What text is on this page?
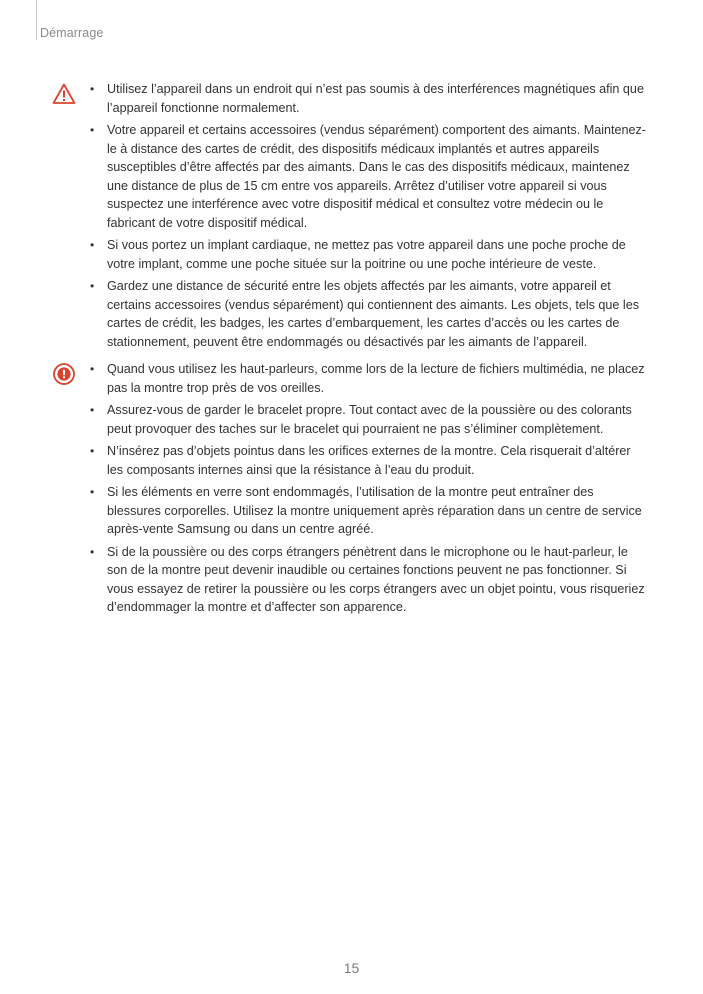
Démarrage
• Utilisez l’appareil dans un endroit qui n’est pas soumis à des interférences magnétiques afin que l’appareil fonctionne normalement.
• Votre appareil et certains accessoires (vendus séparément) comportent des aimants. Maintenez-le à distance des cartes de crédit, des dispositifs médicaux implantés et autres appareils susceptibles d’être affectés par des aimants. Dans le cas des dispositifs médicaux, maintenez une distance de plus de 15 cm entre vos appareils. Arrêtez d’utiliser votre appareil si vous suspectez une interférence avec votre dispositif médical et consultez votre médecin ou le fabricant de votre dispositif médical.
• Si vous portez un implant cardiaque, ne mettez pas votre appareil dans une poche proche de votre implant, comme une poche située sur la poitrine ou une poche intérieure de veste.
• Gardez une distance de sécurité entre les objets affectés par les aimants, votre appareil et certains accessoires (vendus séparément) qui contiennent des aimants. Les objets, tels que les cartes de crédit, les badges, les cartes d’embarquement, les cartes d’accès ou les cartes de stationnement, peuvent être endommagés ou désactivés par les aimants de l’appareil.
• Quand vous utilisez les haut-parleurs, comme lors de la lecture de fichiers multimédia, ne placez pas la montre trop près de vos oreilles.
• Assurez-vous de garder le bracelet propre. Tout contact avec de la poussière ou des colorants peut provoquer des taches sur le bracelet qui pourraient ne pas s’éliminer complètement.
• N’insérez pas d’objets pointus dans les orifices externes de la montre. Cela risquerait d’altérer les composants internes ainsi que la résistance à l’eau du produit.
• Si les éléments en verre sont endommagés, l’utilisation de la montre peut entraîner des blessures corporelles. Utilisez la montre uniquement après réparation dans un centre de service après-vente Samsung ou dans un centre agréé.
• Si de la poussière ou des corps étrangers pénètrent dans le microphone ou le haut-parleur, le son de la montre peut devenir inaudible ou certaines fonctions peuvent ne pas fonctionner. Si vous essayez de retirer la poussière ou les corps étrangers avec un objet pointu, vous risqueriez d’endommager la montre et d’affecter son apparence.
15
